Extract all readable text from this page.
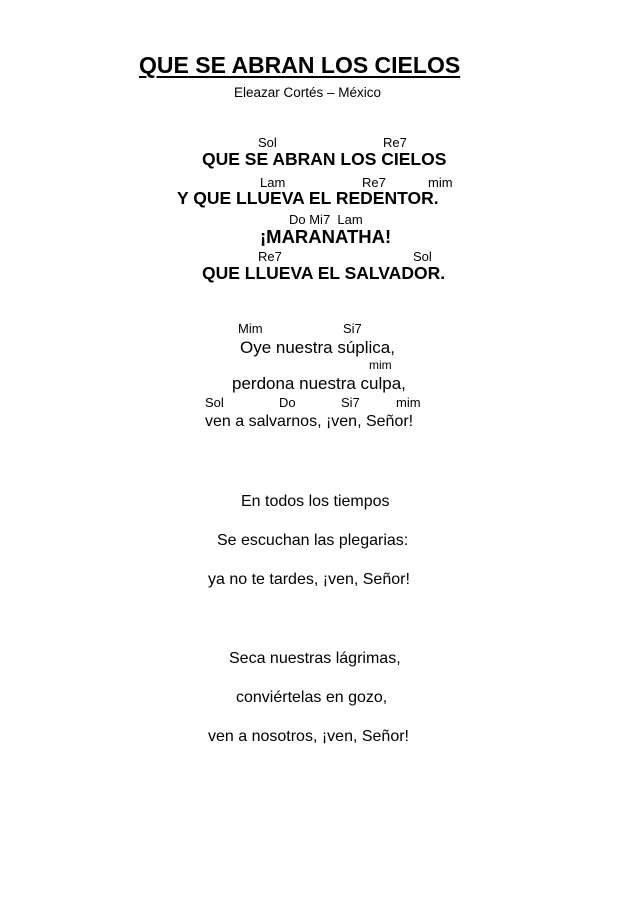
QUE SE ABRAN LOS CIELOS
Eleazar Cortés – México
Sol	Re7
QUE SE ABRAN LOS CIELOS
Lam	Re7	mim
Y QUE LLUEVA EL REDENTOR.
Do Mi7  Lam
¡MARANATHA!
Re7	Sol
QUE LLUEVA EL SALVADOR.
Mim	Si7
Oye nuestra súplica,
mim
perdona nuestra culpa,
Sol	Do	Si7	mim
ven a salvarnos, ¡ven, Señor!
En todos los tiempos
Se escuchan las plegarias:
ya no te tardes, ¡ven, Señor!
Seca nuestras lágrimas,
conviértelas en gozo,
ven a nosotros, ¡ven, Señor!
